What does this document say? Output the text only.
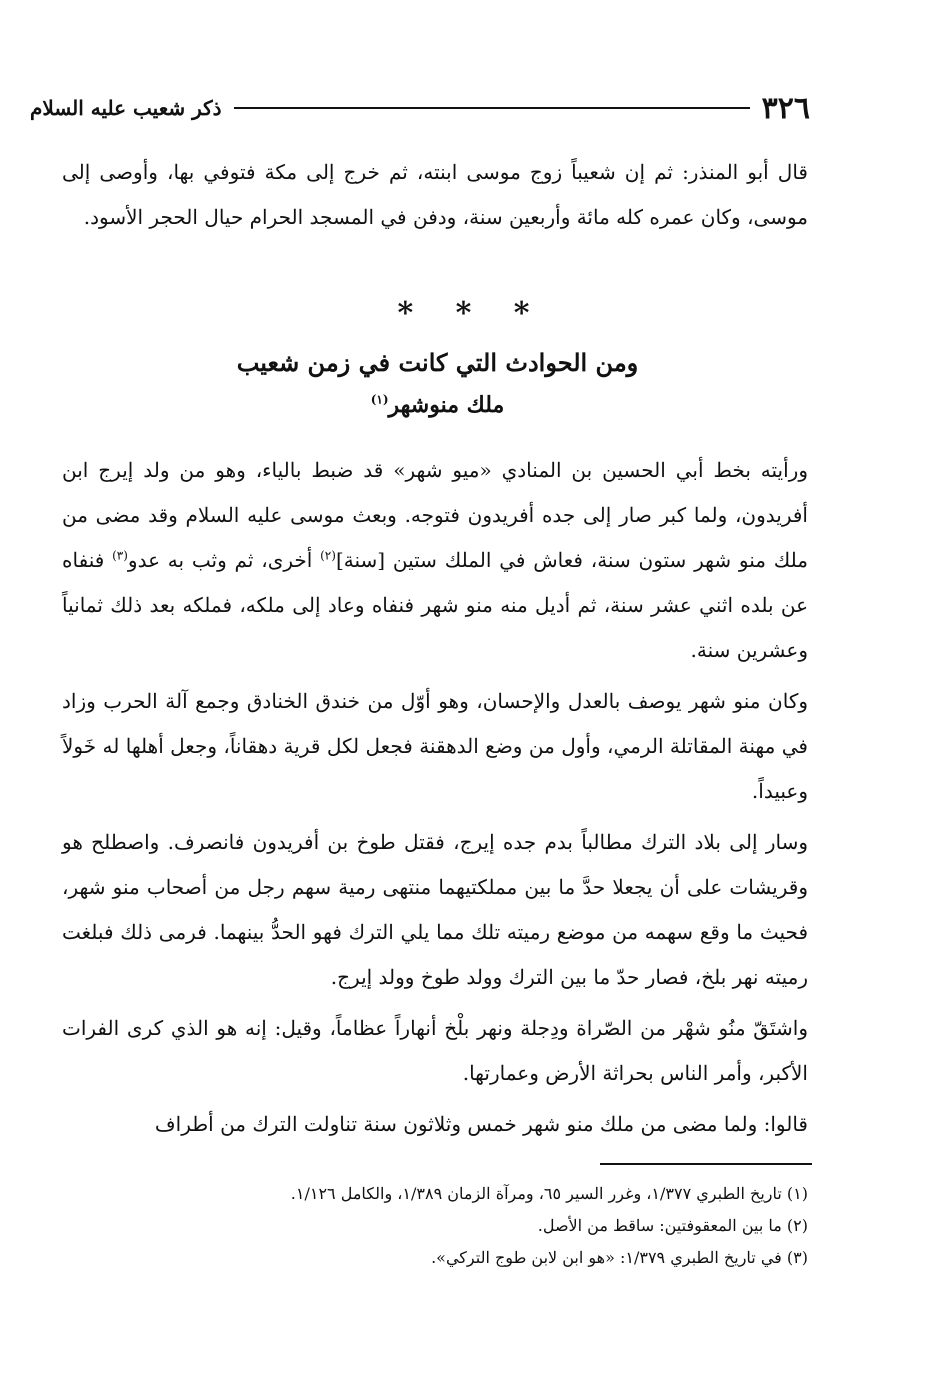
٣٢٦
ذكر شعيب عليه السلام

قال أبو المنذر: ثم إن شعيباً زوج موسى ابنته، ثم خرج إلى مكة فتوفي بها، وأوصى إلى موسى، وكان عمره كله مائة وأربعين سنة، ودفن في المسجد الحرام حيال الحجر الأسود.

* * *
ومن الحوادث التي كانت في زمن شعيب
ملك منوشهر$^{(١)}$

ورأيته بخط أبي الحسين بن المنادي «ميو شهر» قد ضبط بالياء، وهو من ولد إيرج ابن أفريدون، ولما كبر صار إلى جده أفريدون فتوجه. وبعث موسى عليه السلام وقد مضى من ملك منو شهر ستون سنة، فعاش في الملك ستين [سنة]$^{(٢)}$ أخرى، ثم وثب به عدو$^{(٣)}$ فنفاه عن بلده اثني عشر سنة، ثم أديل منه منو شهر فنفاه وعاد إلى ملكه، فملكه بعد ذلك ثمانياً وعشرين سنة.

وكان منو شهر يوصف بالعدل والإحسان، وهو أوّل من خندق الخنادق وجمع آلة الحرب وزاد في مهنة المقاتلة الرمي، وأول من وضع الدهقنة فجعل لكل قرية دهقاناً، وجعل أهلها له خَولاً وعبيداً.

وسار إلى بلاد الترك مطالباً بدم جده إيرج، فقتل طوخ بن أفريدون فانصرف. واصطلح هو وقريشات على أن يجعلا حدَّ ما بين مملكتيهما منتهى رمية سهم رجل من أصحاب منو شهر، فحيث ما وقع سهمه من موضع رميته تلك مما يلي الترك فهو الحدُّ بينهما. فرمى ذلك فبلغت رميته نهر بلخ، فصار حدّ ما بين الترك وولد طوخ وولد إيرج.

واشتَقّ منُو شهْر من الصّراة ودِجلة ونهر بلْخ أنهاراً عظاماً، وقيل: إنه هو الذي كرى الفرات الأكبر، وأمر الناس بحراثة الأرض وعمارتها.

قالوا: ولما مضى من ملك منو شهر خمس وثلاثون سنة تناولت الترك من أطراف

(١) تاريخ الطبري ١/٣٧٧، وغرر السير ٦٥، ومرآة الزمان ١/٣٨٩، والكامل ١/١٢٦.
(٢) ما بين المعقوفتين: ساقط من الأصل.
(٣) في تاريخ الطبري ١/٣٧٩: «هو ابن لابن طوج التركي».
